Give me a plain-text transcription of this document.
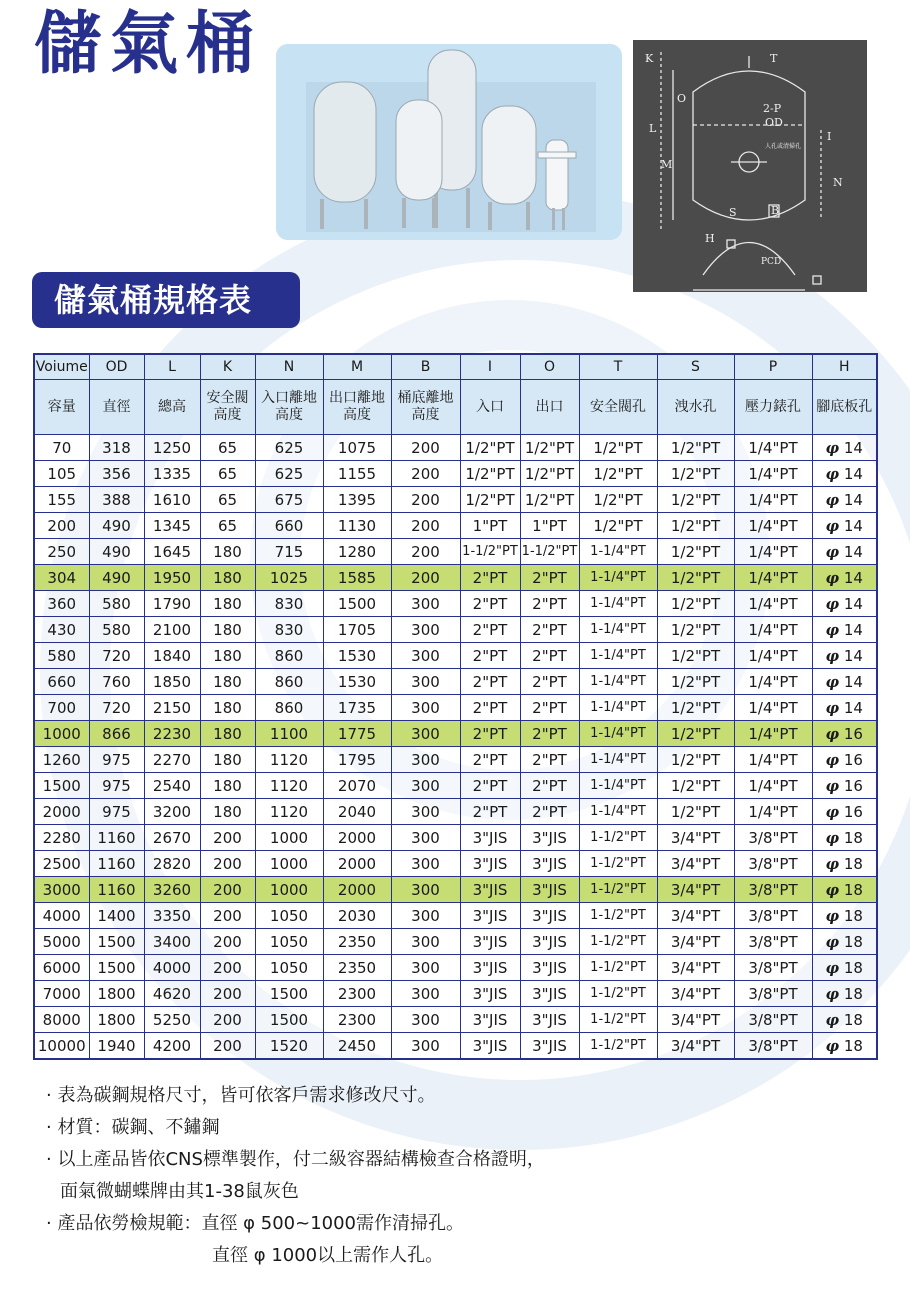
儲氣桶	T
K
2-P
OD
O
L
M
I
N
S	B
H
PCD
人孔或清掃孔
儲氣桶規格表
Voiume	OD	L	K	N	M	B	I	O	T	S	P	H
容量	直徑	總高	安全閥高度	入口離地高度	出口離地高度	桶底離地高度	入口	出口	安全閥孔	洩水孔	壓力錶孔	腳底板孔
70	318	1250	65	625	1075	200	1/2"PT	1/2"PT	1/2"PT	1/2"PT	1/4"PT	φ 14
105	356	1335	65	625	1155	200	1/2"PT	1/2"PT	1/2"PT	1/2"PT	1/4"PT	φ 14
155	388	1610	65	675	1395	200	1/2"PT	1/2"PT	1/2"PT	1/2"PT	1/4"PT	φ 14
200	490	1345	65	660	1130	200	1"PT	1"PT	1/2"PT	1/2"PT	1/4"PT	φ 14
250	490	1645	180	715	1280	200	1-1/2"PT	1-1/2"PT	1-1/4"PT	1/2"PT	1/4"PT	φ 14
304	490	1950	180	1025	1585	200	2"PT	2"PT	1-1/4"PT	1/2"PT	1/4"PT	φ 14
360	580	1790	180	830	1500	300	2"PT	2"PT	1-1/4"PT	1/2"PT	1/4"PT	φ 14
430	580	2100	180	830	1705	300	2"PT	2"PT	1-1/4"PT	1/2"PT	1/4"PT	φ 14
580	720	1840	180	860	1530	300	2"PT	2"PT	1-1/4"PT	1/2"PT	1/4"PT	φ 14
660	760	1850	180	860	1530	300	2"PT	2"PT	1-1/4"PT	1/2"PT	1/4"PT	φ 14
700	720	2150	180	860	1735	300	2"PT	2"PT	1-1/4"PT	1/2"PT	1/4"PT	φ 14
1000	866	2230	180	1100	1775	300	2"PT	2"PT	1-1/4"PT	1/2"PT	1/4"PT	φ 16
1260	975	2270	180	1120	1795	300	2"PT	2"PT	1-1/4"PT	1/2"PT	1/4"PT	φ 16
1500	975	2540	180	1120	2070	300	2"PT	2"PT	1-1/4"PT	1/2"PT	1/4"PT	φ 16
2000	975	3200	180	1120	2040	300	2"PT	2"PT	1-1/4"PT	1/2"PT	1/4"PT	φ 16
2280	1160	2670	200	1000	2000	300	3"JIS	3"JIS	1-1/2"PT	3/4"PT	3/8"PT	φ 18
2500	1160	2820	200	1000	2000	300	3"JIS	3"JIS	1-1/2"PT	3/4"PT	3/8"PT	φ 18
3000	1160	3260	200	1000	2000	300	3"JIS	3"JIS	1-1/2"PT	3/4"PT	3/8"PT	φ 18
4000	1400	3350	200	1050	2030	300	3"JIS	3"JIS	1-1/2"PT	3/4"PT	3/8"PT	φ 18
5000	1500	3400	200	1050	2350	300	3"JIS	3"JIS	1-1/2"PT	3/4"PT	3/8"PT	φ 18
6000	1500	4000	200	1050	2350	300	3"JIS	3"JIS	1-1/2"PT	3/4"PT	3/8"PT	φ 18
7000	1800	4620	200	1500	2300	300	3"JIS	3"JIS	1-1/2"PT	3/4"PT	3/8"PT	φ 18
8000	1800	5250	200	1500	2300	300	3"JIS	3"JIS	1-1/2"PT	3/4"PT	3/8"PT	φ 18
10000	1940	4200	200	1520	2450	300	3"JIS	3"JIS	1-1/2"PT	3/4"PT	3/8"PT	φ 18
· 表為碳鋼規格尺寸，皆可依客戶需求修改尺寸。
· 材質：碳鋼、不鏽鋼
· 以上產品皆依CNS標準製作，付二級容器結構檢查合格證明，
面氣微蝴蝶牌由其1-38鼠灰色
· 產品依勞檢規範：直徑 φ 500~1000需作清掃孔。
直徑 φ 1000以上需作人孔。
